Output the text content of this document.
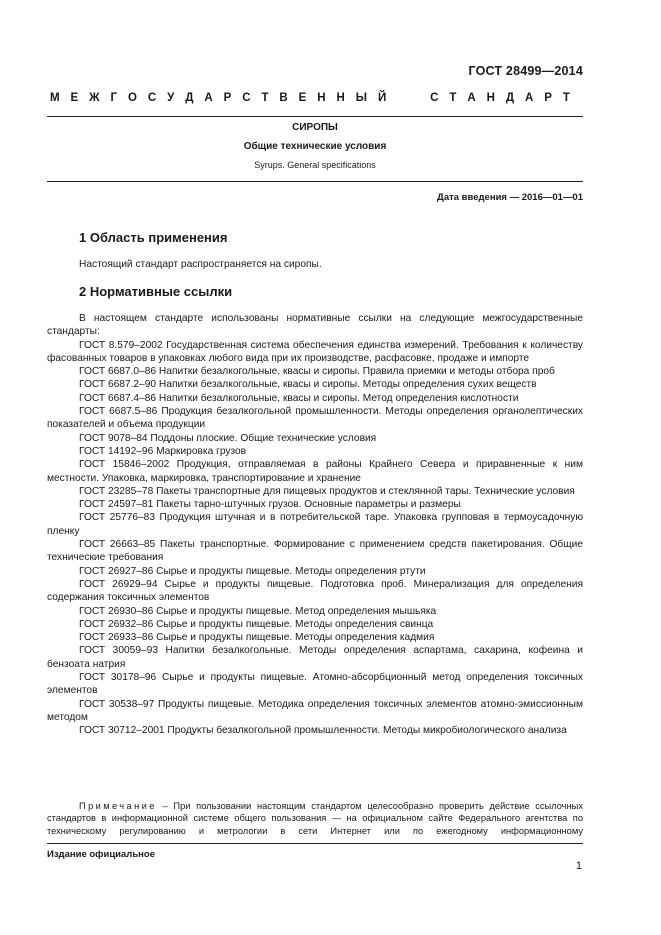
ГОСТ 28499—2014
М Е Ж Г О С У Д А Р С Т В Е Н Н Ы Й	С Т А Н Д А Р Т
СИРОПЫ
Общие технические условия
Syrups. General specifications
Дата введения — 2016—01—01
1 Область применения

Настоящий стандарт распространяется на сиропы.

2 Нормативные ссылки

В настоящем стандарте использованы нормативные ссылки на следующие межгосударственные стандарты:

ГОСТ 8.579–2002 Государственная система обеспечения единства измерений. Требования к количеству фасованных товаров в упаковках любого вида при их производстве, расфасовке, продаже и импорте

ГОСТ 6687.0–86 Напитки безалкогольные, квасы и сиропы. Правила приемки и методы отбора проб

ГОСТ 6687.2–90 Напитки безалкогольные, квасы и сиропы. Методы определения сухих веществ

ГОСТ 6687.4–86 Напитки безалкогольные, квасы и сиропы. Метод определения кислотности

ГОСТ 6687.5–86 Продукция безалкогольной промышленности. Методы определения органолептических показателей и объема продукции

ГОСТ 9078–84 Поддоны плоские. Общие технические условия

ГОСТ 14192–96 Маркировка грузов

ГОСТ 15846–2002 Продукция, отправляемая в районы Крайнего Севера и приравненные к ним местности. Упаковка, маркировка, транспортирование и хранение

ГОСТ 23285–78 Пакеты транспортные для пищевых продуктов и стеклянной тары. Технические условия

ГОСТ 24597–81 Пакеты тарно-штучных грузов. Основные параметры и размеры

ГОСТ 25776–83 Продукция штучная и в потребительской таре. Упаковка групповая в термоусадочную пленку

ГОСТ 26663–85 Пакеты транспортные. Формирование с применением средств пакетирования. Общие технические требования

ГОСТ 26927–86 Сырье и продукты пищевые. Методы определения ртути

ГОСТ 26929–94 Сырье и продукты пищевые. Подготовка проб. Минерализация для определения содержания токсичных элементов

ГОСТ 26930–86 Сырье и продукты пищевые. Метод определения мышьяка

ГОСТ 26932–86 Сырье и продукты пищевые. Методы определения свинца

ГОСТ 26933–86 Сырье и продукты пищевые. Методы определения кадмия

ГОСТ 30059–93 Напитки безалкогольные. Методы определения аспартама, сахарина, кофеина и бензоата натрия

ГОСТ 30178–96 Сырье и продукты пищевые. Атомно-абсорбционный метод определения токсичных элементов

ГОСТ 30538–97 Продукты пищевые. Методика определения токсичных элементов атомно-эмиссионным методом

ГОСТ 30712–2001 Продукты безалкогольной промышленности. Методы микробиологического анализа

Примечание – При пользовании настоящим стандартом целесообразно проверить действие ссылочных стандартов в информационной системе общего пользования — на официальном сайте Федерального агентства по техническому регулированию и метрологии в сети Интернет или по ежегодному информационному

Издание официальное
1
